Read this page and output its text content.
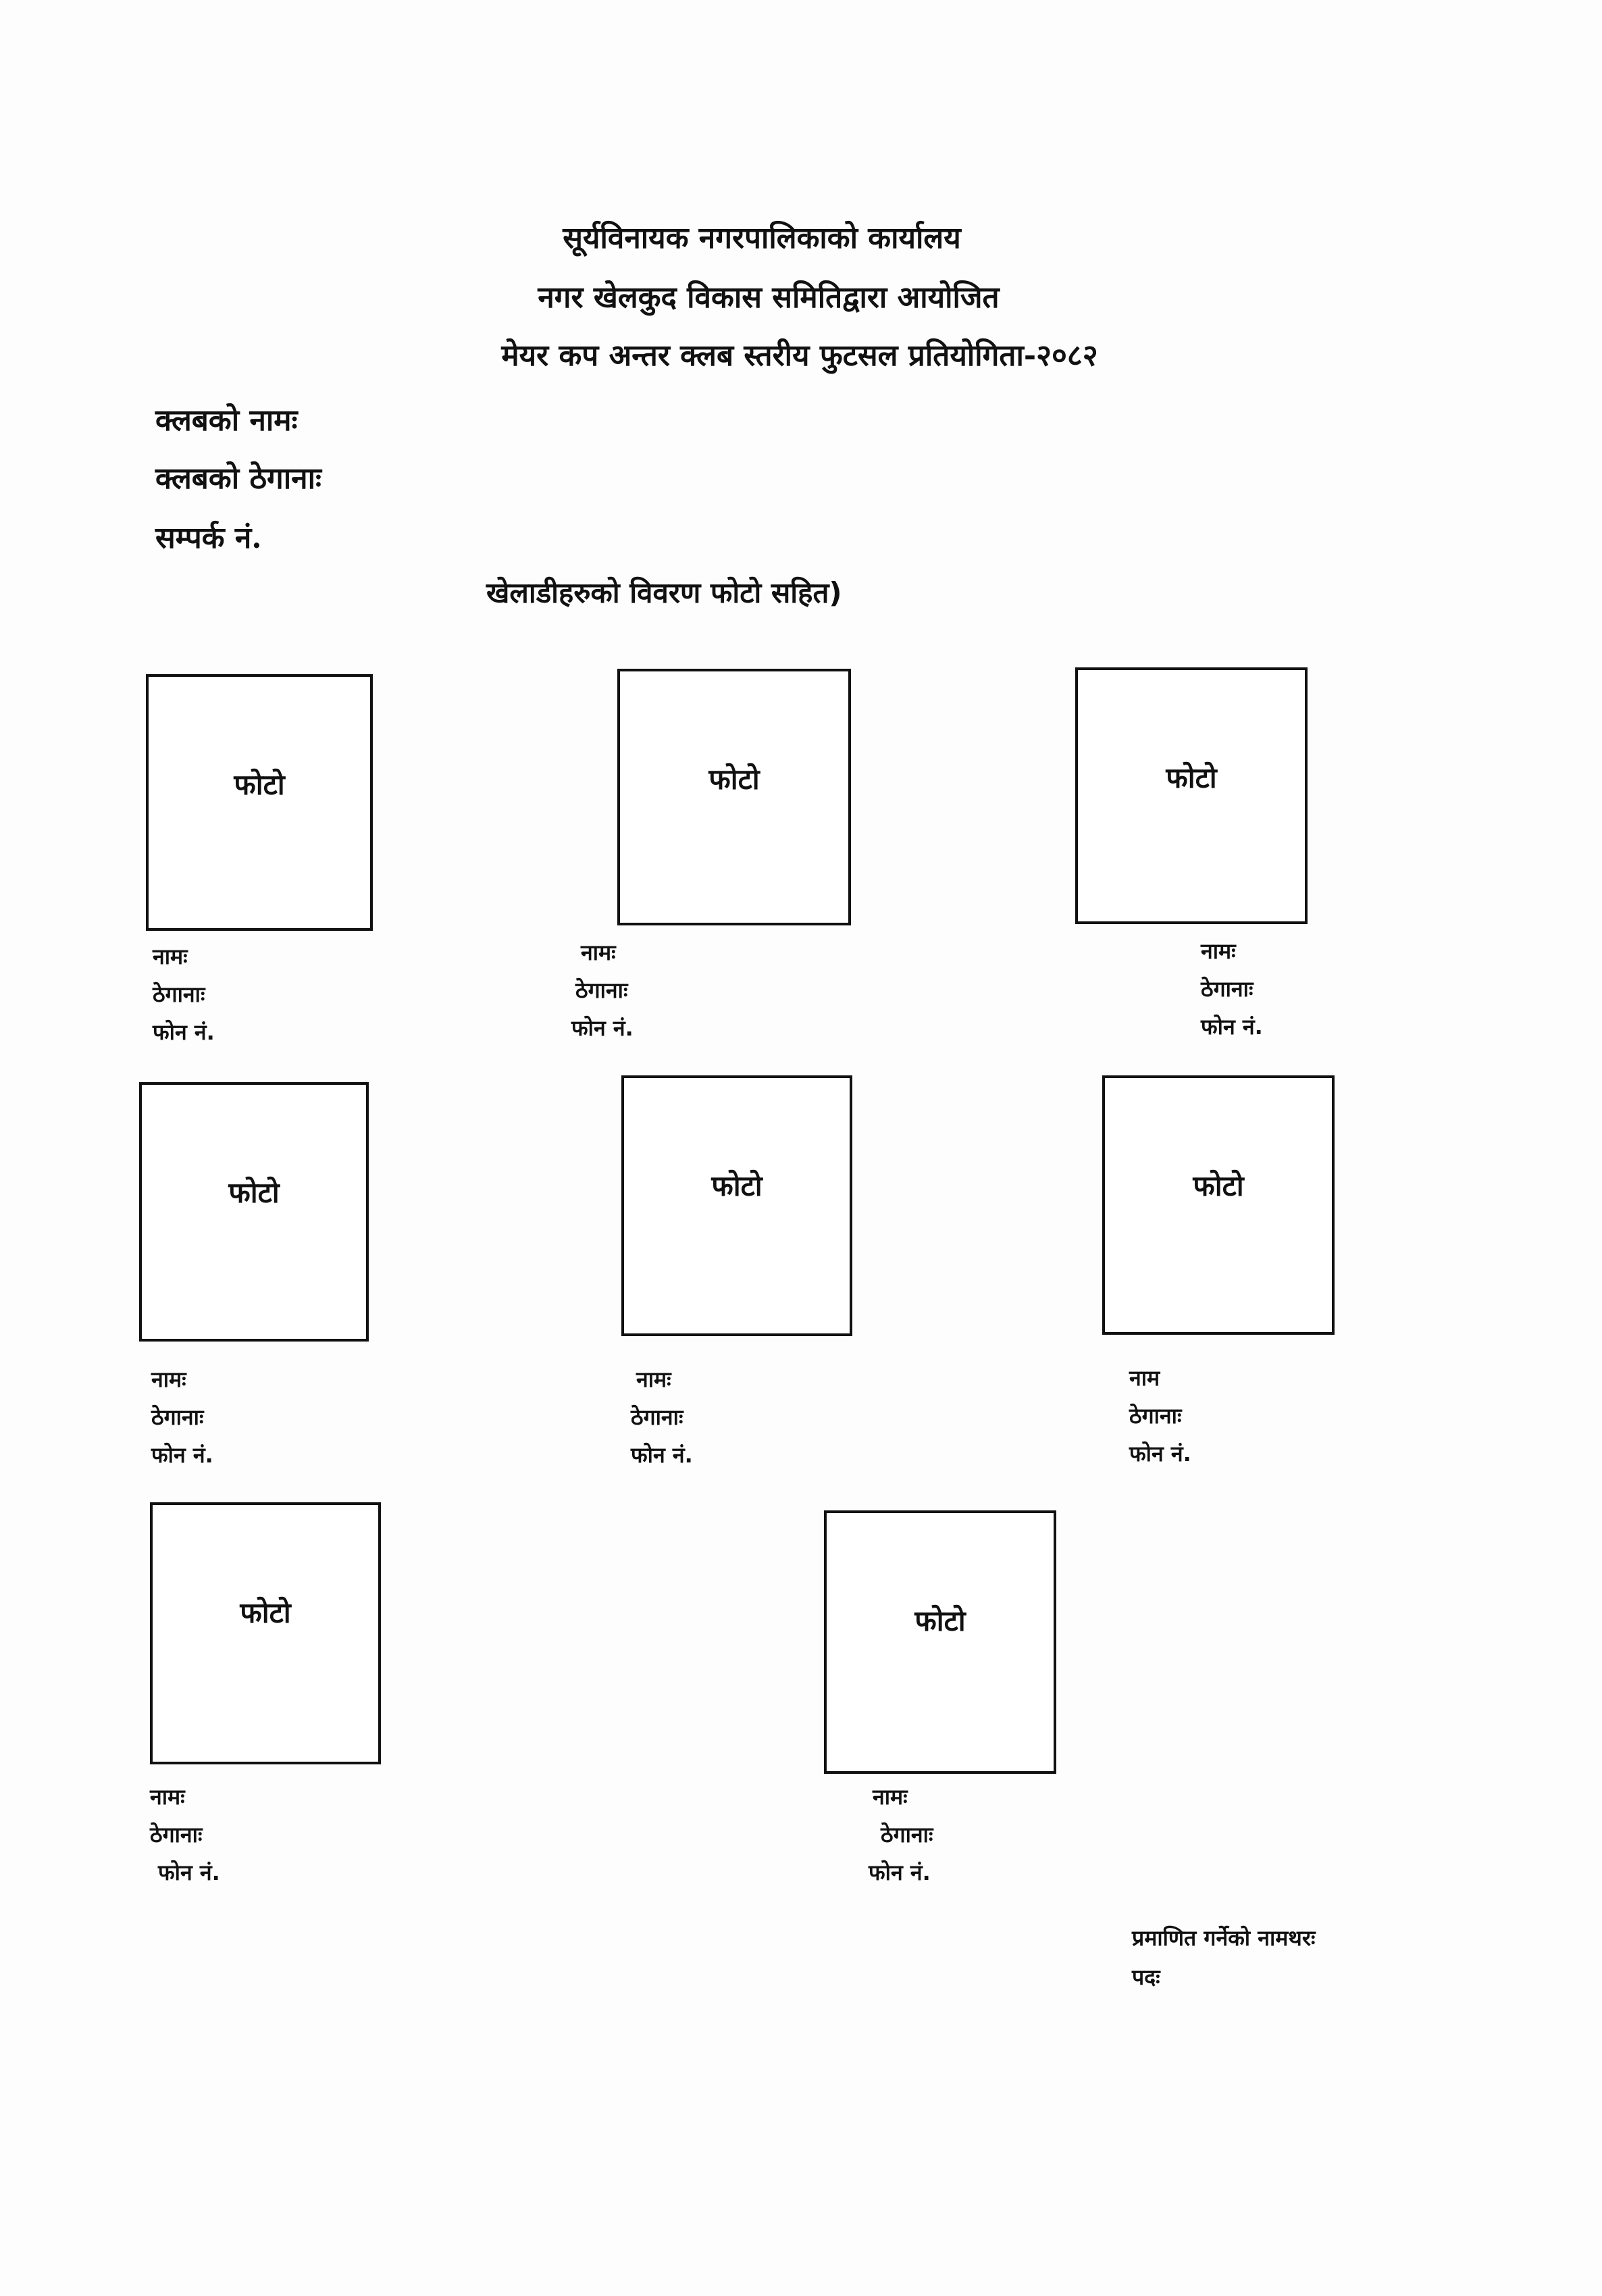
सूर्यविनायक नगरपालिकाको कार्यालय
नगर खेलकुद विकास समितिद्वारा आयोजित
मेयर कप अन्तर क्लब स्तरीय फुटसल प्रतियोगिता-२०८२
क्लबको नामः
क्लबको ठेगानाः
सम्पर्क नं.
खेलाडीहरुको विवरण फोटो सहित)
फोटो
नामः
ठेगानाः
फोन नं.
फोटो
नामः
ठेगानाः
फोन नं.
फोटो
नामः
ठेगानाः
फोन नं.
फोटो
नामः
ठेगानाः
फोन नं.
फोटो
नामः
ठेगानाः
फोन नं.
फोटो
नाम
ठेगानाः
फोन नं.
फोटो
नामः
ठेगानाः
फोन नं.
फोटो
नामः
ठेगानाः
फोन नं.
प्रमाणित गर्नेको नामथरः
पदः
